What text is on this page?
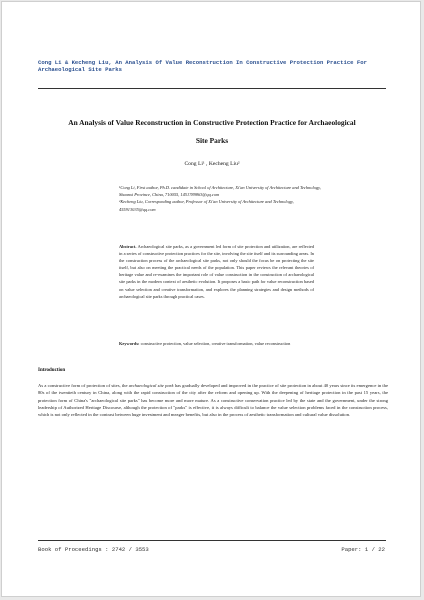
Cong Li & Kecheng Liu, An Analysis Of Value Reconstruction In Constructive Protection Practice For Archaeological Site Parks
An Analysis of Value Reconstruction in Constructive Protection Practice for Archaeological Site Parks
Cong Li¹ , Kecheng Liu²

¹Cong Li, First author, Ph.D. candidate in School of Architecture, Xi'an University of Architecture and Technology, Shaanxi Province, China, 710055, 1451789863@qq.com

²Kecheng Liu, Corresponding author, Professor of Xi'an University of Architecture and Technology, 455913035@qq.com

Abstract. Archaeological site parks, as a government led form of site protection and utilization, are reflected in a series of constructive protection practices for the site, involving the site itself and its surrounding areas. In the construction process of the archaeological site parks, not only should the focus be on protecting the site itself, but also on meeting the practical needs of the population. This paper reviews the relevant theories of heritage value and re-examines the important role of value construction in the construction of archaeological site parks in the modern context of aesthetic evolution. It proposes a basic path for value reconstruction based on value selection and creative transformation, and explores the planning strategies and design methods of archaeological site parks through practical cases.
Keywords: constructive protection, value selection, creative transformation, value reconstruction
Introduction
As a constructive form of protection of sites, the archaeological site park has gradually developed and improved in the practice of site protection in about 40 years since its emergence in the 80s of the twentieth century in China, along with the rapid construction of the city after the reform and opening up. With the deepening of heritage protection in the past 15 years, the protection form of China's "archaeological site parks" has become more and more mature. As a constructive conservation practice led by the state and the government, under the strong leadership of Authorized Heritage Discourse, although the protection of "parks" is effective, it is always difficult to balance the value selection problems faced in the construction process, which is not only reflected in the contrast between huge investment and meager benefits, but also in the process of aesthetic transformation and cultural value dissolution.
Book of Proceedings : 2742 / 3553	Paper: 1 / 22
